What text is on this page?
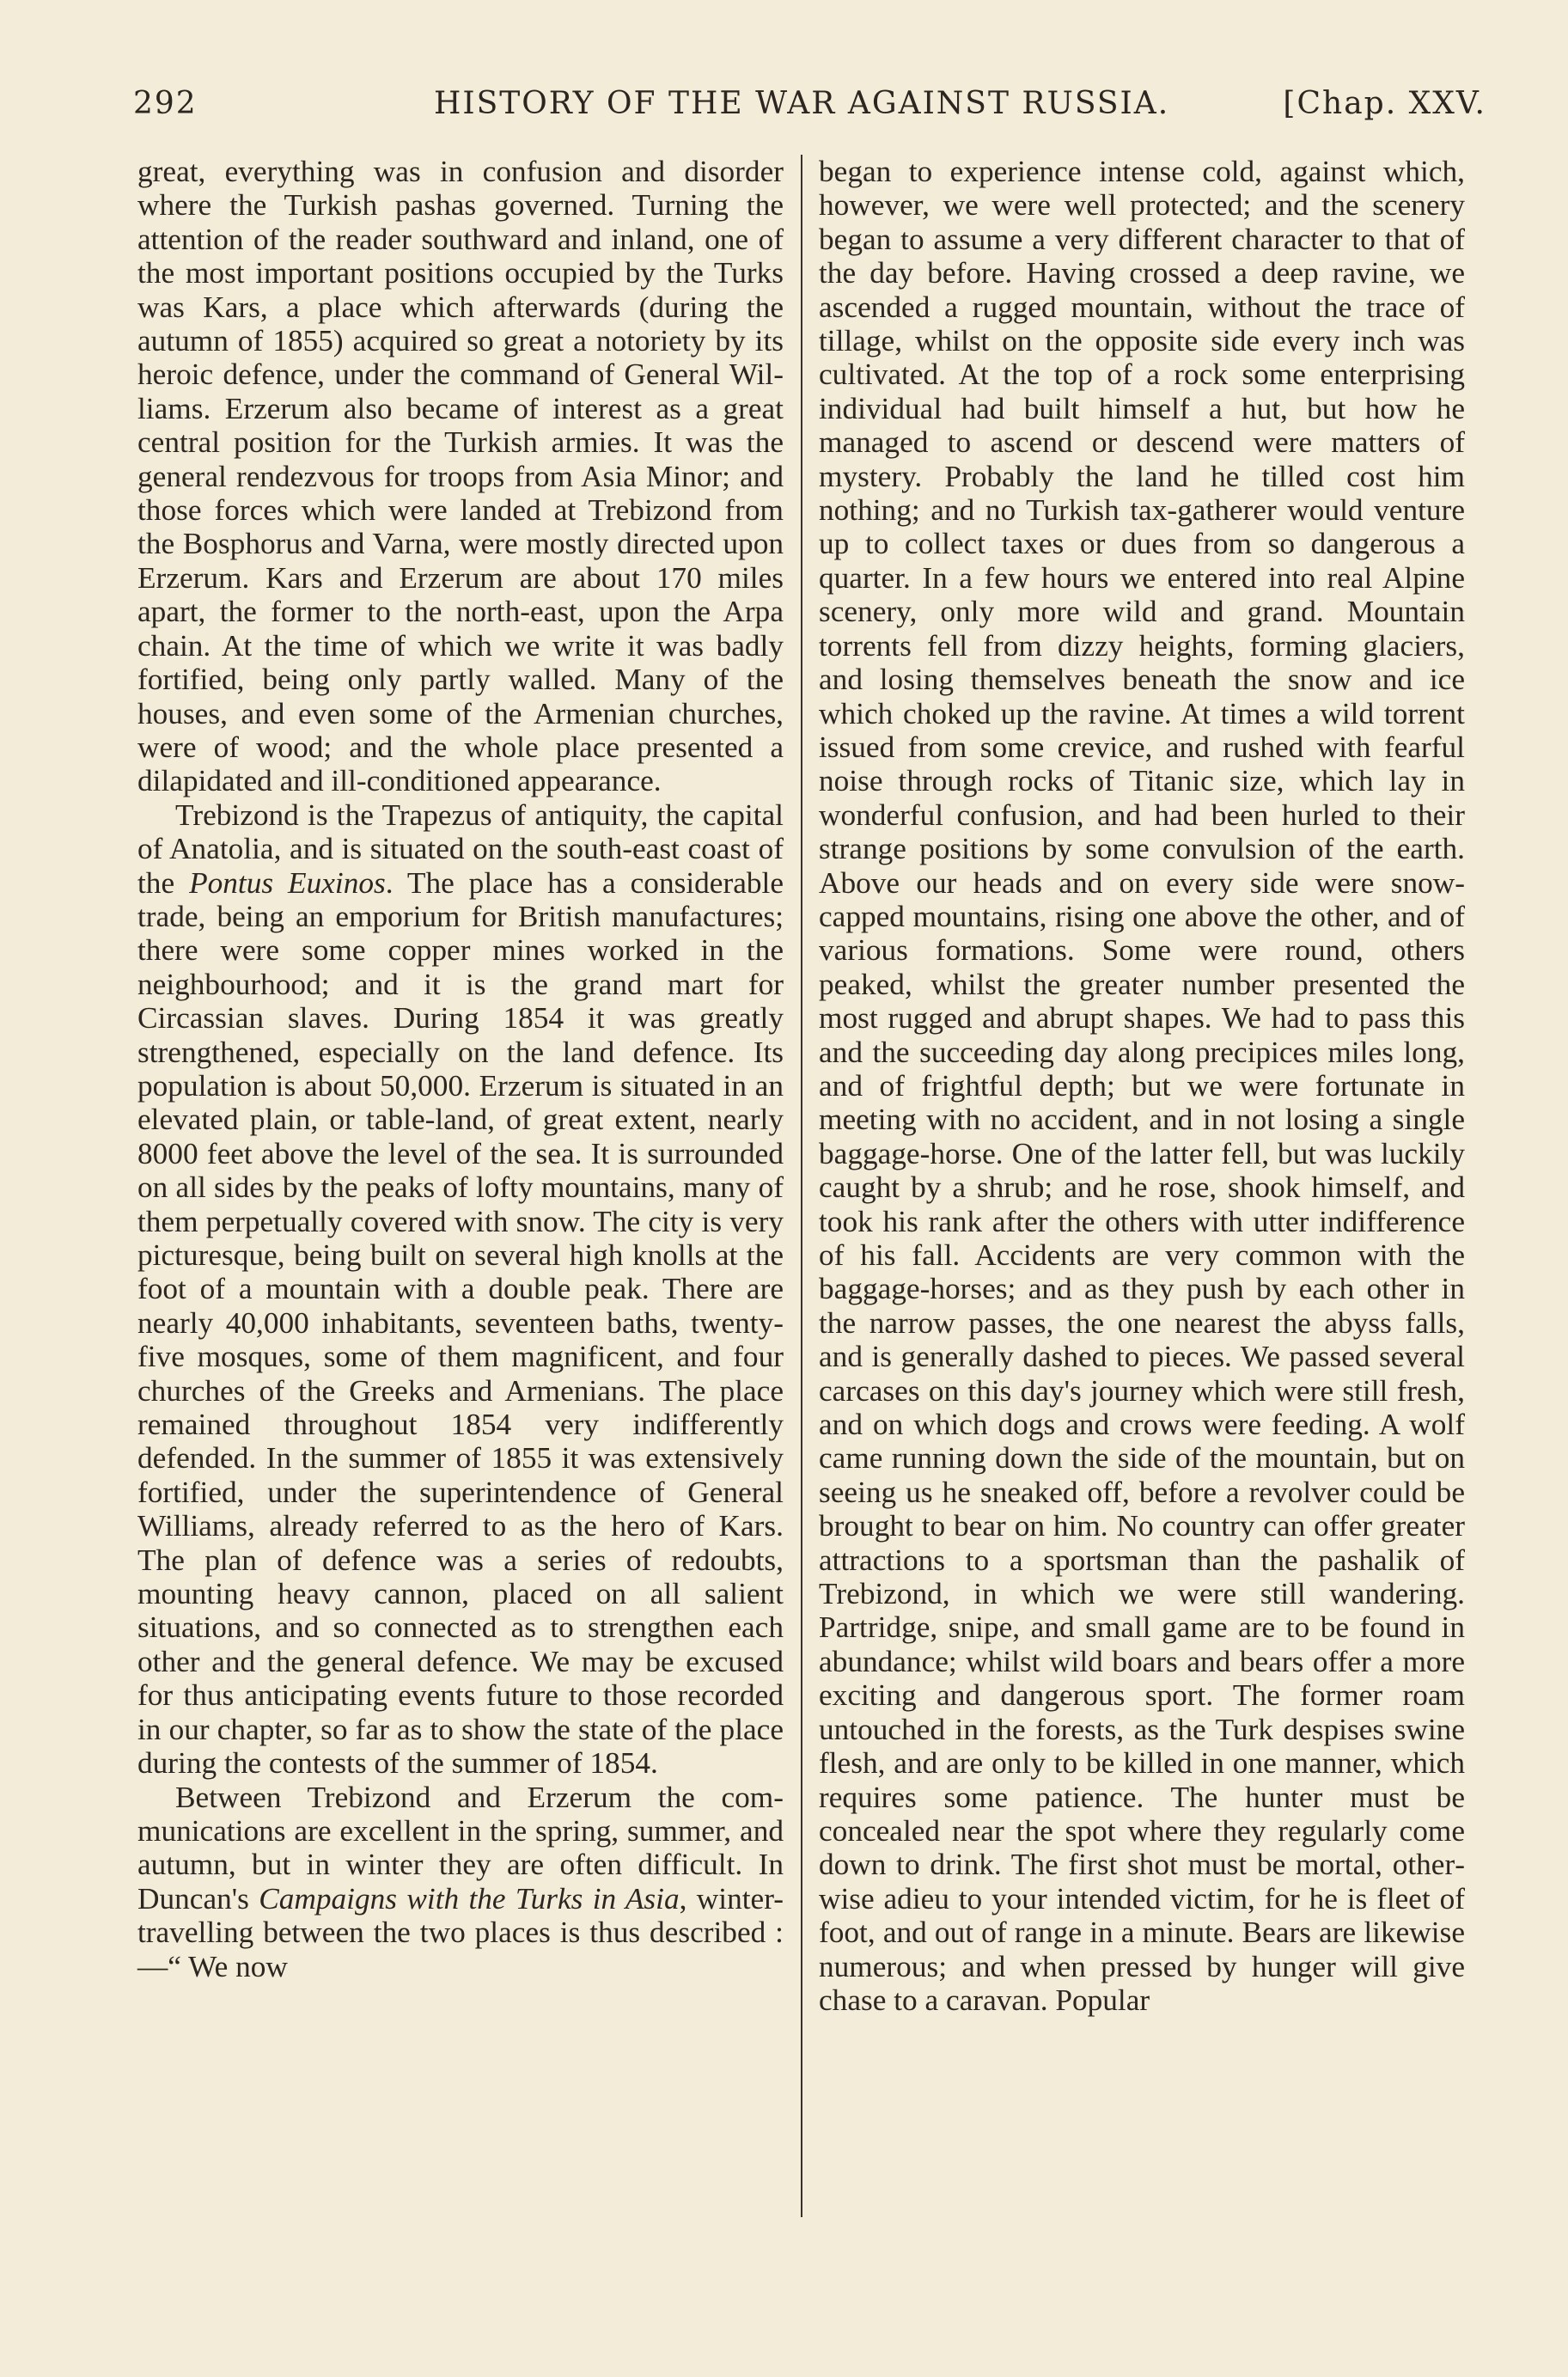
292	HISTORY OF THE WAR AGAINST RUSSIA.	[Chap. XXV.

great, everything was in confusion and disorder where the Turkish pashas governed. Turning the attention of the reader southward and inland, one of the most important positions occupied by the Turks was Kars, a place which afterwards (during the autumn of 1855) acquired so great a notoriety by its heroic defence, under the command of General Williams. Erzerum also became of interest as a great central position for the Turkish armies. It was the general rendezvous for troops from Asia Minor; and those forces which were landed at Trebizond from the Bosphorus and Varna, were mostly directed upon Erzerum. Kars and Erzerum are about 170 miles apart, the former to the north-east, upon the Arpa chain. At the time of which we write it was badly fortified, being only partly walled. Many of the houses, and even some of the Armenian churches, were of wood; and the whole place presented a dilapidated and ill-conditioned appearance.

Trebizond is the Trapezus of antiquity, the capital of Anatolia, and is situated on the south-east coast of the Pontus Euxinos. The place has a considerable trade, being an emporium for British manufactures; there were some copper mines worked in the neighbourhood; and it is the grand mart for Circassian slaves. During 1854 it was greatly strengthened, especially on the land defence. Its population is about 50,000. Erzerum is situated in an elevated plain, or table-land, of great extent, nearly 8000 feet above the level of the sea. It is surrounded on all sides by the peaks of lofty mountains, many of them perpetually covered with snow. The city is very picturesque, being built on several high knolls at the foot of a mountain with a double peak. There are nearly 40,000 inhabitants, seventeen baths, twenty-five mosques, some of them magnificent, and four churches of the Greeks and Armenians. The place remained throughout 1854 very indifferently defended. In the summer of 1855 it was extensively fortified, under the superintendence of General Williams, already referred to as the hero of Kars. The plan of defence was a series of redoubts, mounting heavy cannon, placed on all salient situations, and so connected as to strengthen each other and the general defence. We may be excused for thus anticipating events future to those recorded in our chapter, so far as to show the state of the place during the contests of the summer of 1854.

Between Trebizond and Erzerum the communications are excellent in the spring, summer, and autumn, but in winter they are often difficult. In Duncan's Campaigns with the Turks in Asia, winter-travelling between the two places is thus described :—“ We now

began to experience intense cold, against which, however, we were well protected; and the scenery began to assume a very different character to that of the day before. Having crossed a deep ravine, we ascended a rugged mountain, without the trace of tillage, whilst on the opposite side every inch was cultivated. At the top of a rock some enterprising individual had built himself a hut, but how he managed to ascend or descend were matters of mystery. Probably the land he tilled cost him nothing; and no Turkish tax-gatherer would venture up to collect taxes or dues from so dangerous a quarter. In a few hours we entered into real Alpine scenery, only more wild and grand. Mountain torrents fell from dizzy heights, forming glaciers, and losing themselves beneath the snow and ice which choked up the ravine. At times a wild torrent issued from some crevice, and rushed with fearful noise through rocks of Titanic size, which lay in wonderful confusion, and had been hurled to their strange positions by some convulsion of the earth. Above our heads and on every side were snow-capped mountains, rising one above the other, and of various formations. Some were round, others peaked, whilst the greater number presented the most rugged and abrupt shapes. We had to pass this and the succeeding day along precipices miles long, and of frightful depth; but we were fortunate in meeting with no accident, and in not losing a single baggage-horse. One of the latter fell, but was luckily caught by a shrub; and he rose, shook himself, and took his rank after the others with utter indifference of his fall. Accidents are very common with the baggage-horses; and as they push by each other in the narrow passes, the one nearest the abyss falls, and is generally dashed to pieces. We passed several carcases on this day's journey which were still fresh, and on which dogs and crows were feeding. A wolf came running down the side of the mountain, but on seeing us he sneaked off, before a revolver could be brought to bear on him. No country can offer greater attractions to a sportsman than the pashalik of Trebizond, in which we were still wandering. Partridge, snipe, and small game are to be found in abundance; whilst wild boars and bears offer a more exciting and dangerous sport. The former roam untouched in the forests, as the Turk despises swine flesh, and are only to be killed in one manner, which requires some patience. The hunter must be concealed near the spot where they regularly come down to drink. The first shot must be mortal, otherwise adieu to your intended victim, for he is fleet of foot, and out of range in a minute. Bears are likewise numerous; and when pressed by hunger will give chase to a caravan. Popular
